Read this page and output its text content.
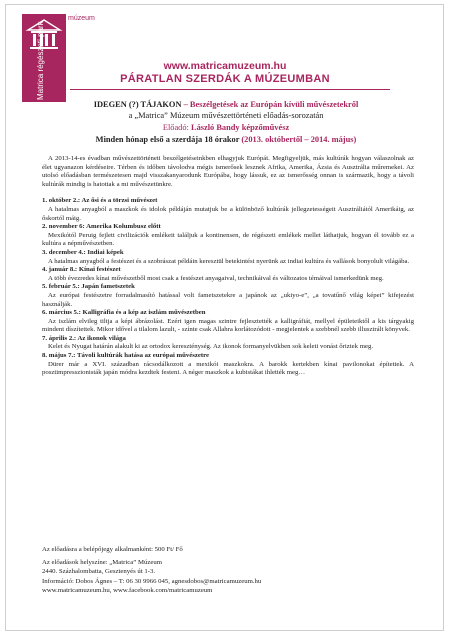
Matrica régészeti park
múzeum
www.matricamuzeum.hu
PÁRATLAN SZERDÁK A MÚZEUMBAN
IDEGEN (?) TÁJAKON – Beszélgetések az Európán kívüli művészetekről
a „Matrica” Múzeum művészettörténeti előadás-sorozatán
Előadó: László Bandy képzőművész
Minden hónap első a szerdája 18 órakor (2013. októbertől – 2014. május)

A 2013-14-es évadban művészettörténeti beszélgetéseinkben elhagyjuk Európát. Megfigyeljük, más kultúrák hogyan válaszolnak az élet ugyanazon kérdéseire. Térben és időben távolodva mégis ismerősek lesznek Afrika, Amerika, Ázsia és Ausztrália műremekei. Az utolsó előadásban természetesen majd visszakanyarodunk Európába, hogy lássuk, ez az ismerősség onnan is származik, hogy a távoli kultúrák mindig is hatottak a mi művészetünkre.

1. október 2.: Az ősi és a törzsi művészet
A hatalmas anyagból a maszkok és idolok példáján mutatjuk be a különböző kultúrák jellegzetességeit Ausztráliától Amerikáig, az őskortól máig.

2. november 6: Amerika Kolumbusz előtt
Mexikótól Peruig fejlett civilizációk emlékeit találjuk a kontinensen, de régészeti emlékek mellet láthatjuk, hogyan él tovább ez a kultúra a népművészetben.

3. december 4.: Indiai képek
A hatalmas anyagból a festészet és a szobrászat példáin keresztül betekintést nyerünk az indiai kultúra és vallások bonyolult világába.

4. január 8.: Kínai festészet
A több évezredes kínai művészetből most csak a festészet anyagaival, technikáival és változatos témáival ismerkedünk meg.

5. február 5.: Japán fametszetek
Az európai festészetre forradalmasító hatással volt fametszetekre a japánok az „ukiyo-e”, „a tovatűnő világ képei” kifejezést használják.

6. március 5.: Kalligráfia és a kép az iszlám művészetben
Az iszlám elvileg tiltja a képi ábrázolást. Ezért igen magas szintre fejlesztették a kalligráfiát, mellyel épületeiktől a kis tárgyakig mindent díszítettek. Mikor idővel a tilalom lazult, - színte csak Allahra korlátozódott - megjelentek a szebbnél szebb illusztrált könyvek.

7. április 2.: Az ikonok világa
Kelet és Nyugat határán alakult ki az ortodox kereszténység. Az ikonok formanyelvükben sok keleti vonást őriztek meg.

8. május 7.: Távoli kultúrák hatása az európai művészetre
Dürer már a XVI. században rácsodálkozott a mexikói maszkokra. A barokk kertekben kínai pavilonokat építettek. A posztimpresszionisták japán módra kezdtek festeni. A néger maszkok a kubistákat ihlették meg…

Az előadásra a belépőjegy alkalmanként: 500 Ft/ Fő

Az előadások helyszíne: „Matrica” Múzeum

2440. Százhalombatta, Gesztenyés út 1-3.

Információ: Dobos Ágnes – T: 06 30 9966 045, agnesdobos@matricamuzeum.hu

www.matricamuzeum.hu, www.facebook.com/matricamuzeum
